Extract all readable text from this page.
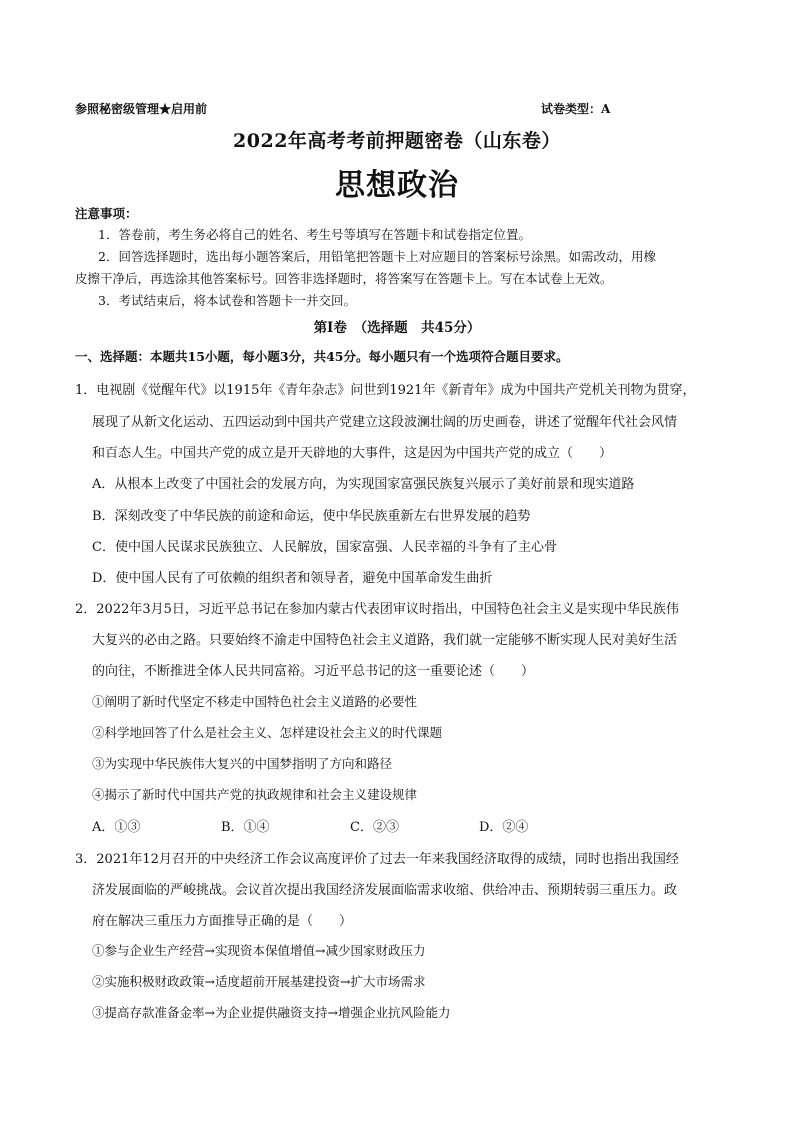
参照秘密级管理★启用前	试卷类型：A
2022年高考考前押题密卷（山东卷）
思想政治
注意事项：
1．答卷前，考生务必将自己的姓名、考生号等填写在答题卡和试卷指定位置。
2．回答选择题时，选出每小题答案后，用铅笔把答题卡上对应题目的答案标号涂黑。如需改动，用橡
皮擦干净后，再选涂其他答案标号。回答非选择题时，将答案写在答题卡上。写在本试卷上无效。
3．考试结束后，将本试卷和答题卡一并交回。
第Ⅰ卷　（选择题　共45分）
一、选择题：本题共15小题，每小题3分，共45分。每小题只有一个选项符合题目要求。
1．电视剧《觉醒年代》以1915年《青年杂志》问世到1921年《新青年》成为中国共产党机关刊物为贯穿，
展现了从新文化运动、五四运动到中国共产党建立这段波澜壮阔的历史画卷，讲述了觉醒年代社会风情
和百态人生。中国共产党的成立是开天辟地的大事件，这是因为中国共产党的成立（　　）
A．从根本上改变了中国社会的发展方向，为实现国家富强民族复兴展示了美好前景和现实道路
B．深刻改变了中华民族的前途和命运，使中华民族重新左右世界发展的趋势
C．使中国人民谋求民族独立、人民解放，国家富强、人民幸福的斗争有了主心骨
D．使中国人民有了可依赖的组织者和领导者，避免中国革命发生曲折
2．2022年3月5日，习近平总书记在参加内蒙古代表团审议时指出，中国特色社会主义是实现中华民族伟
大复兴的必由之路。只要始终不渝走中国特色社会主义道路，我们就一定能够不断实现人民对美好生活
的向往，不断推进全体人民共同富裕。习近平总书记的这一重要论述（　　）
①阐明了新时代坚定不移走中国特色社会主义道路的必要性
②科学地回答了什么是社会主义、怎样建设社会主义的时代课题
③为实现中华民族伟大复兴的中国梦指明了方向和路径
④揭示了新时代中国共产党的执政规律和社会主义建设规律
A．①③	B．①④	C．②③	D．②④
3．2021年12月召开的中央经济工作会议高度评价了过去一年来我国经济取得的成绩，同时也指出我国经
济发展面临的严峻挑战。会议首次提出我国经济发展面临需求收缩、供给冲击、预期转弱三重压力。政
府在解决三重压力方面推导正确的是（　　）
①参与企业生产经营→实现资本保值增值→减少国家财政压力
②实施积极财政政策→适度超前开展基建投资→扩大市场需求
③提高存款准备金率→为企业提供融资支持→增强企业抗风险能力
